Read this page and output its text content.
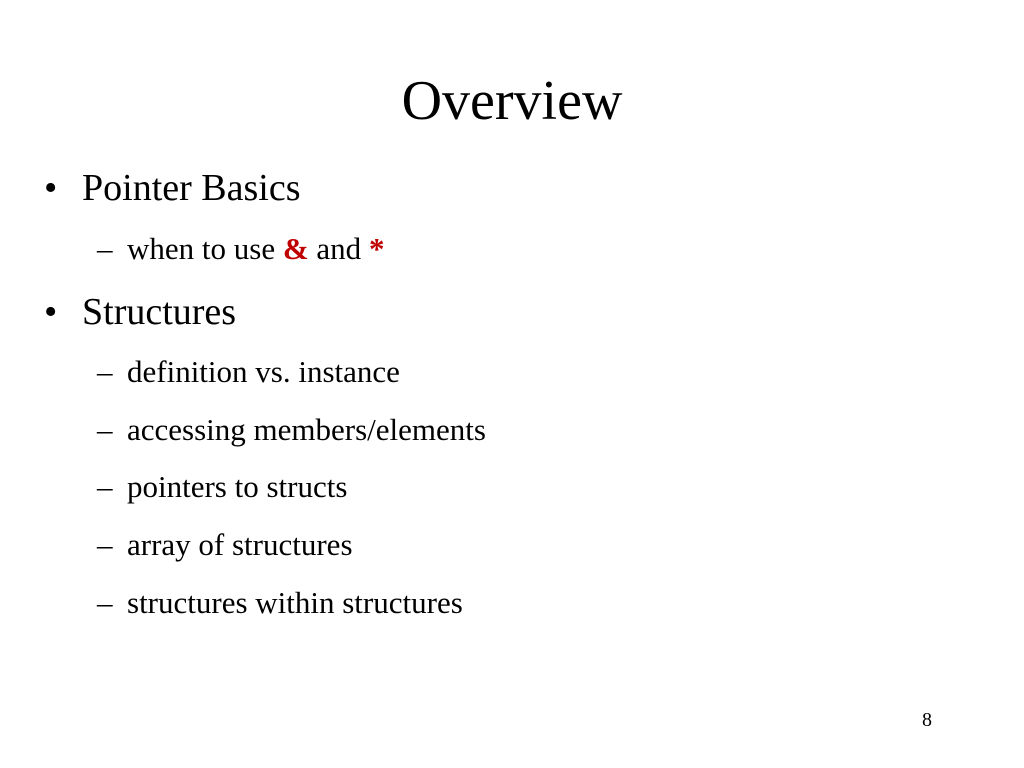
Overview
• Pointer Basics
– when to use & and *
• Structures
– definition vs. instance
– accessing members/elements
– pointers to structs
– array of structures
– structures within structures
8
